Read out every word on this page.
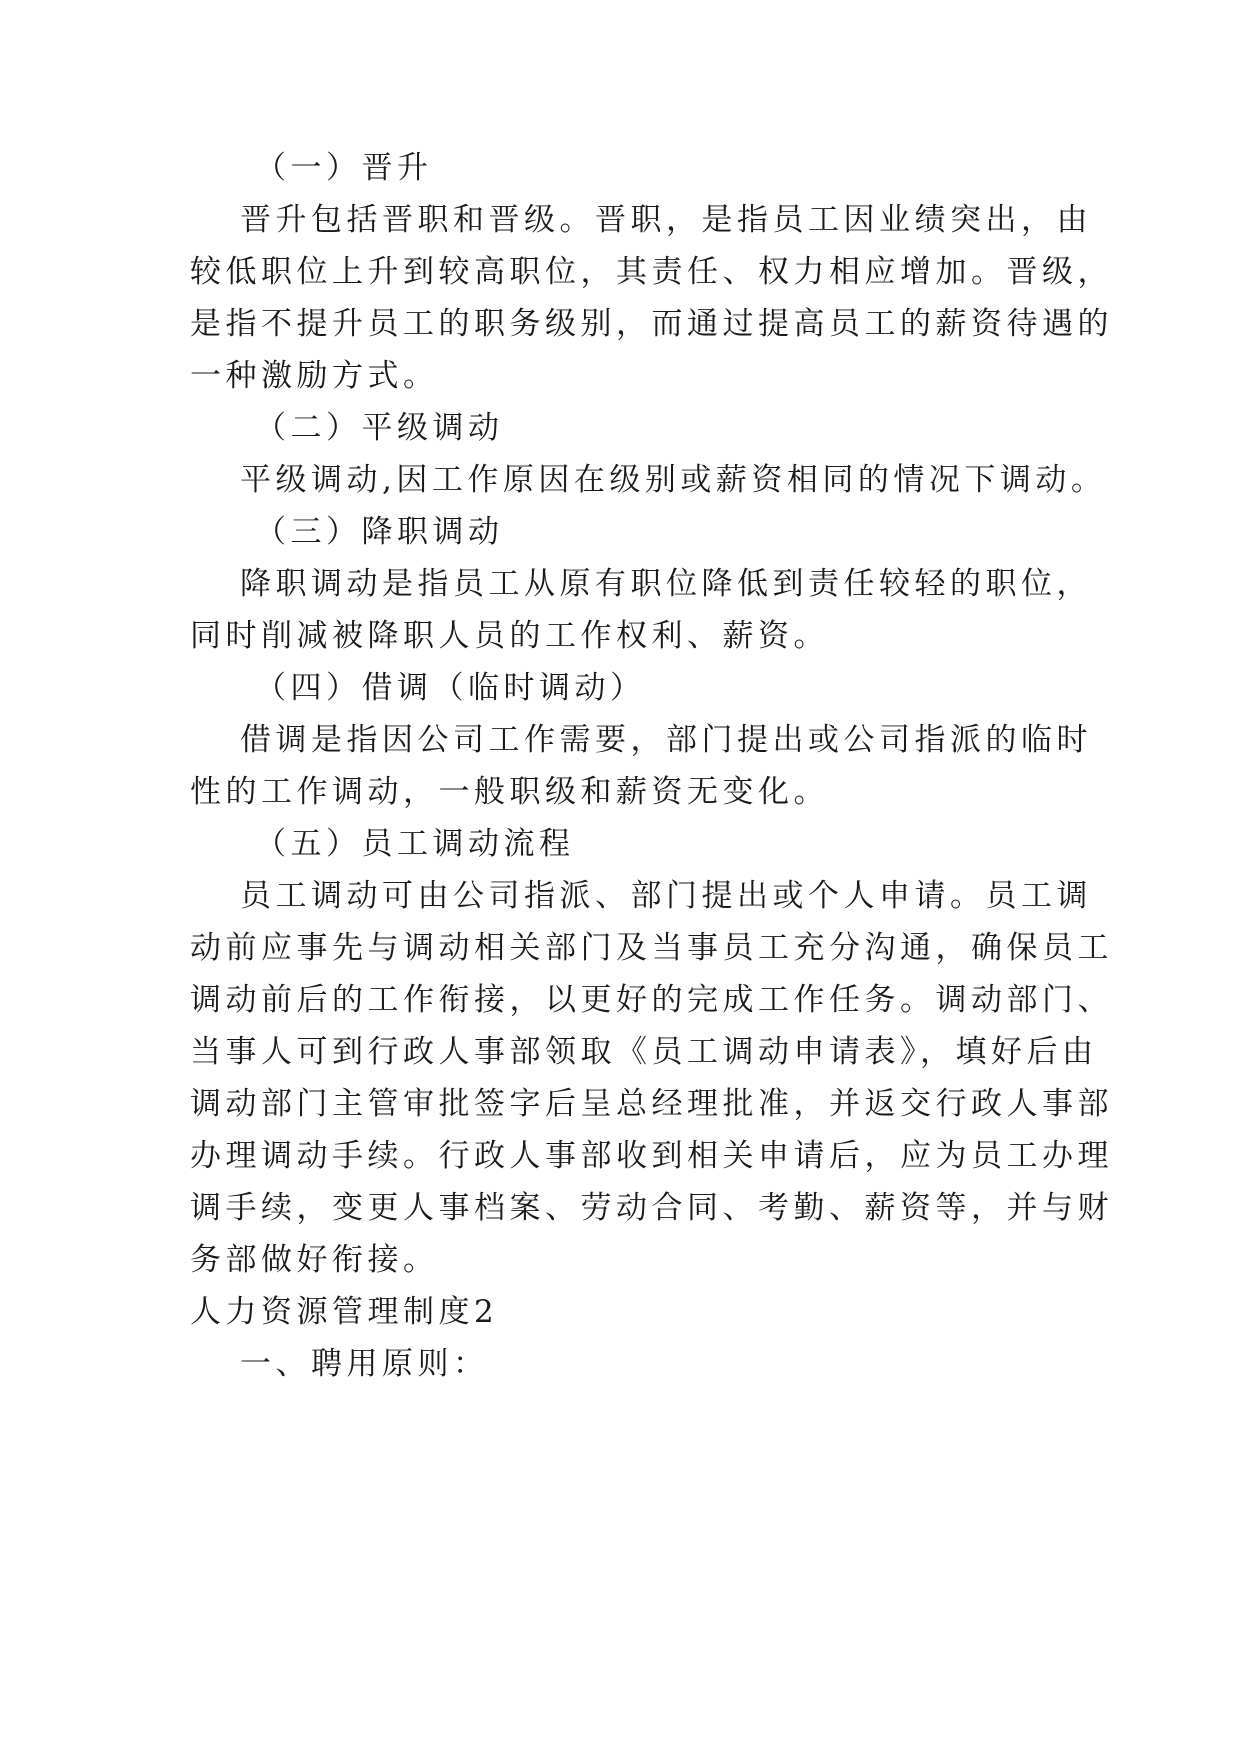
（一）晋升

晋升包括晋职和晋级。晋职，是指员工因业绩突出，由

较低职位上升到较高职位，其责任、权力相应增加。晋级，

是指不提升员工的职务级别，而通过提高员工的薪资待遇的

一种激励方式。

（二）平级调动

平级调动,因工作原因在级别或薪资相同的情况下调动。

（三）降职调动

降职调动是指员工从原有职位降低到责任较轻的职位，

同时削减被降职人员的工作权利、薪资。

（四）借调（临时调动）

借调是指因公司工作需要，部门提出或公司指派的临时

性的工作调动，一般职级和薪资无变化。

（五）员工调动流程

员工调动可由公司指派、部门提出或个人申请。员工调

动前应事先与调动相关部门及当事员工充分沟通，确保员工

调动前后的工作衔接，以更好的完成工作任务。调动部门、

当事人可到行政人事部领取《员工调动申请表》，填好后由

调动部门主管审批签字后呈总经理批准，并返交行政人事部

办理调动手续。行政人事部收到相关申请后，应为员工办理

调手续，变更人事档案、劳动合同、考勤、薪资等，并与财

务部做好衔接。

人力资源管理制度2

一、聘用原则：
